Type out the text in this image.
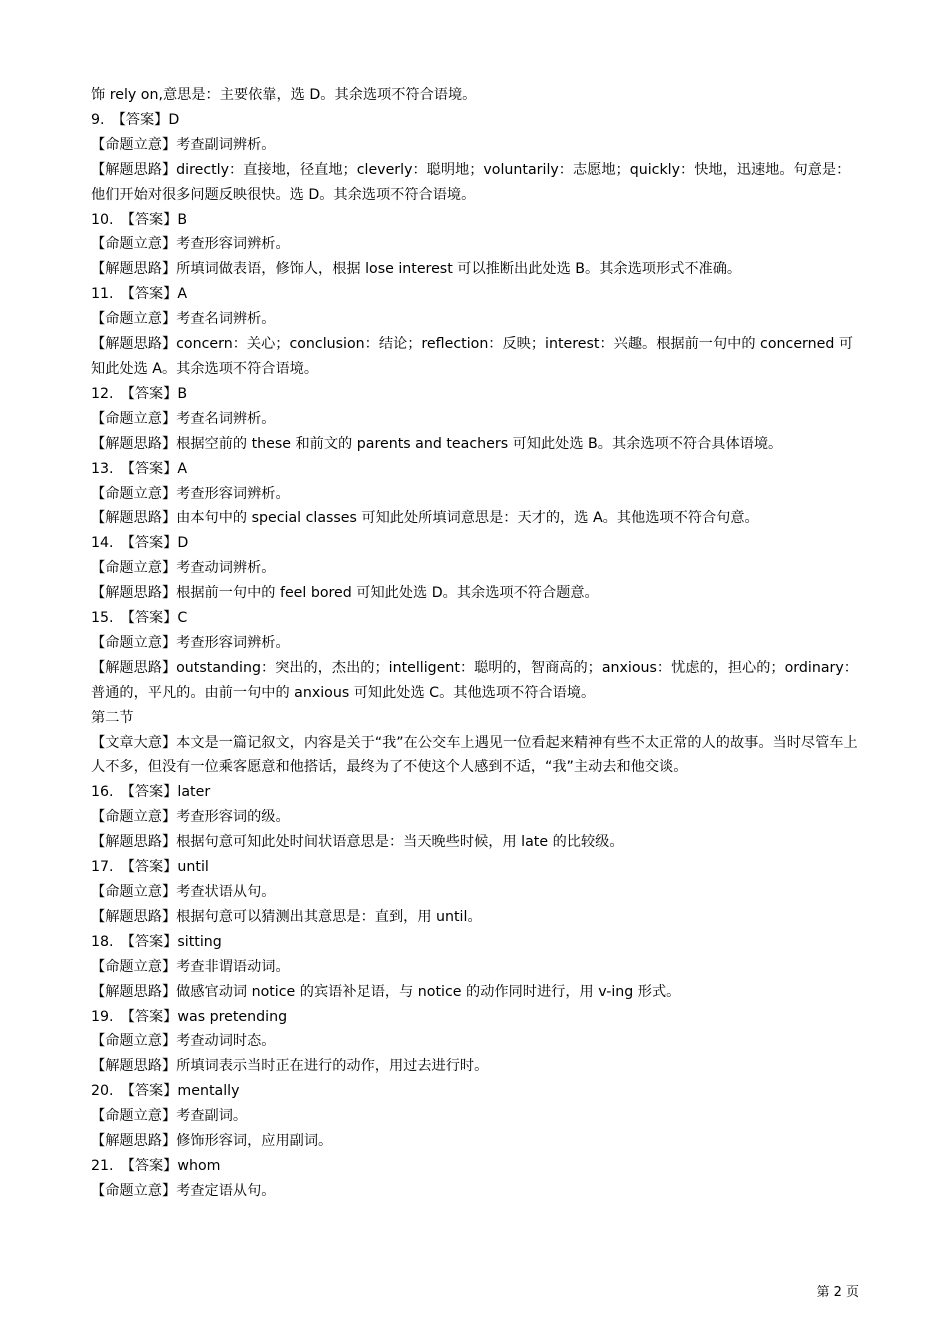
饰 rely on,意思是：主要依靠，选 D。其余选项不符合语境。

9.　【答案】D

【命题立意】考查副词辨析。

【解题思路】directly：直接地，径直地；cleverly：聪明地；voluntarily：志愿地；quickly：快地，迅速地。句意是：他们开始对很多问题反映很快。选 D。其余选项不符合语境。

10.　【答案】B

【命题立意】考查形容词辨析。

【解题思路】所填词做表语，修饰人，根据 lose interest 可以推断出此处选 B。其余选项形式不准确。

11.　【答案】A

【命题立意】考查名词辨析。

【解题思路】concern：关心；conclusion：结论；reflection：反映；interest：兴趣。根据前一句中的 concerned 可知此处选 A。其余选项不符合语境。

12.　【答案】B

【命题立意】考查名词辨析。

【解题思路】根据空前的 these 和前文的 parents and teachers 可知此处选 B。其余选项不符合具体语境。

13.　【答案】A

【命题立意】考查形容词辨析。

【解题思路】由本句中的 special classes 可知此处所填词意思是：天才的，选 A。其他选项不符合句意。

14.　【答案】D

【命题立意】考查动词辨析。

【解题思路】根据前一句中的 feel bored 可知此处选 D。其余选项不符合题意。

15.　【答案】C

【命题立意】考查形容词辨析。

【解题思路】outstanding：突出的，杰出的；intelligent：聪明的，智商高的；anxious：忧虑的，担心的；ordinary：普通的，平凡的。由前一句中的 anxious 可知此处选 C。其他选项不符合语境。

第二节

【文章大意】本文是一篇记叙文，内容是关于“我”在公交车上遇见一位看起来精神有些不太正常的人的故事。当时尽管车上人不多，但没有一位乘客愿意和他搭话，最终为了不使这个人感到不适，“我”主动去和他交谈。

16.　【答案】later

【命题立意】考查形容词的级。

【解题思路】根据句意可知此处时间状语意思是：当天晚些时候，用 late 的比较级。

17.　【答案】until

【命题立意】考查状语从句。

【解题思路】根据句意可以猜测出其意思是：直到，用 until。

18.　【答案】sitting

【命题立意】考查非谓语动词。

【解题思路】做感官动词 notice 的宾语补足语，与 notice 的动作同时进行，用 v-ing 形式。

19.　【答案】was pretending

【命题立意】考查动词时态。

【解题思路】所填词表示当时正在进行的动作，用过去进行时。

20.　【答案】mentally

【命题立意】考查副词。

【解题思路】修饰形容词，应用副词。

21.　【答案】whom

【命题立意】考查定语从句。

第 2 页
